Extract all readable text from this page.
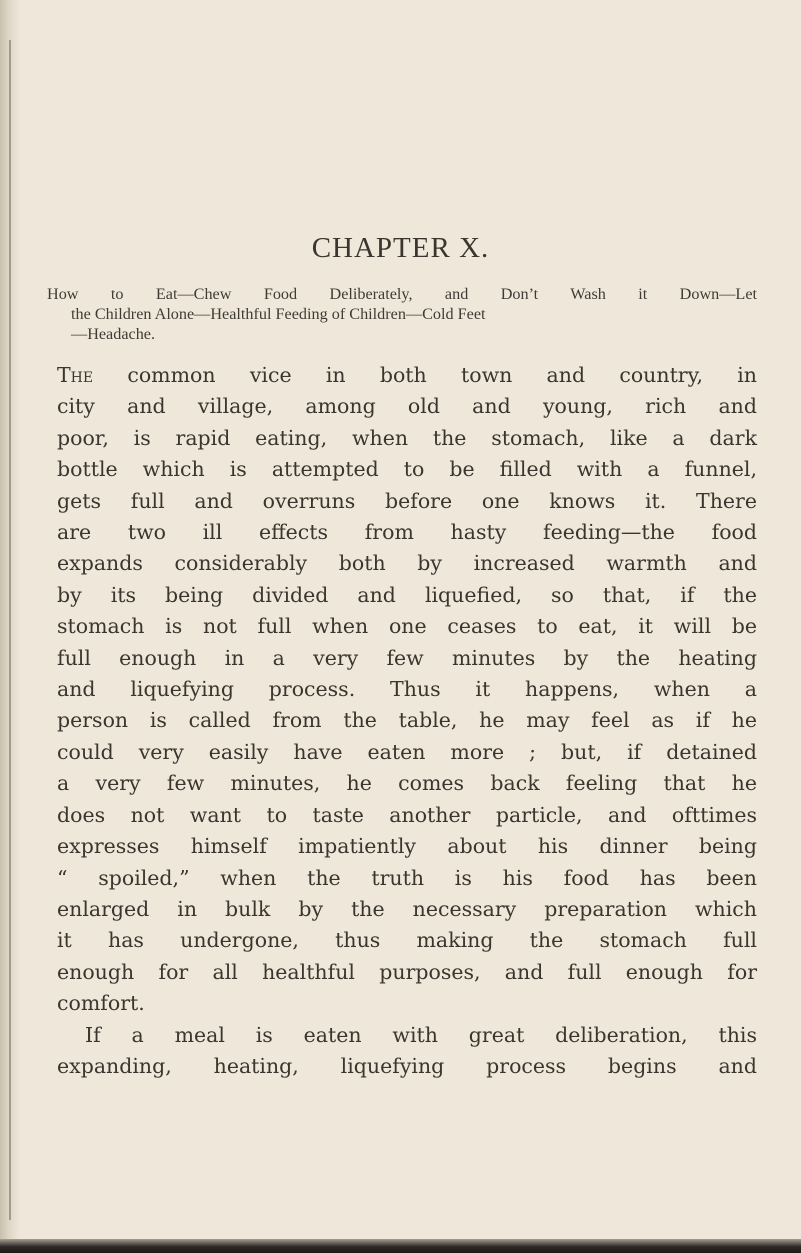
CHAPTER X.
How to Eat—Chew Food Deliberately, and Don’t Wash it Down—Let
the Children Alone—Healthful Feeding of Children—Cold Feet
—Headache.
The common vice in both town and country, in
city and village, among old and young, rich and
poor, is rapid eating, when the stomach, like a dark
bottle which is attempted to be filled with a funnel,
gets full and overruns before one knows it. There
are two ill effects from hasty feeding—the food
expands considerably both by increased warmth and
by its being divided and liquefied, so that, if the
stomach is not full when one ceases to eat, it will be
full enough in a very few minutes by the heating
and liquefying process. Thus it happens, when a
person is called from the table, he may feel as if he
could very easily have eaten more ; but, if detained
a very few minutes, he comes back feeling that he
does not want to taste another particle, and ofttimes
expresses himself impatiently about his dinner being
“ spoiled,” when the truth is his food has been
enlarged in bulk by the necessary preparation which
it has undergone, thus making the stomach full
enough for all healthful purposes, and full enough for
comfort.
If a meal is eaten with great deliberation, this
expanding, heating, liquefying process begins and
